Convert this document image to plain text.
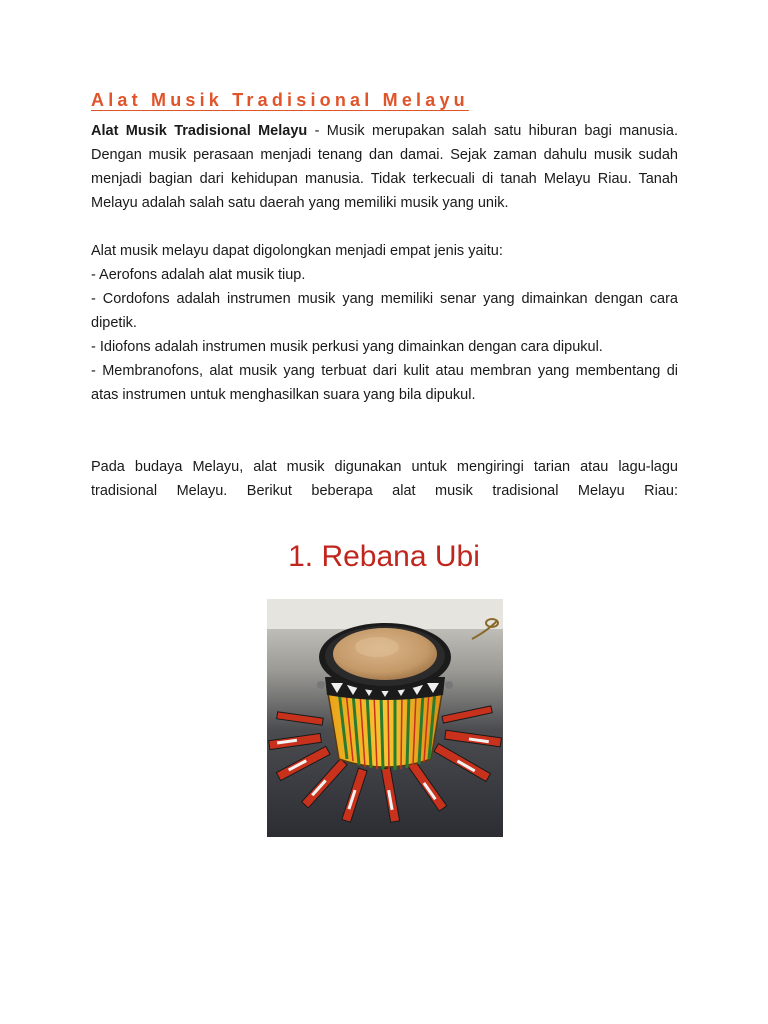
Alat Musik Tradisional Melayu

Alat Musik Tradisional Melayu - Musik merupakan salah satu hiburan bagi manusia. Dengan musik perasaan menjadi tenang dan damai. Sejak zaman dahulu musik sudah menjadi bagian dari kehidupan manusia. Tidak terkecuali di tanah Melayu Riau. Tanah Melayu adalah salah satu daerah yang memiliki musik yang unik.

Alat musik melayu dapat digolongkan menjadi empat jenis yaitu:
- Aerofons adalah alat musik tiup.
- Cordofons adalah instrumen musik yang memiliki senar yang dimainkan dengan cara dipetik.
- Idiofons adalah instrumen musik perkusi yang dimainkan dengan cara dipukul.
- Membranofons, alat musik yang terbuat dari kulit atau membran yang membentang di atas instrumen untuk menghasilkan suara yang bila dipukul.

Pada budaya Melayu, alat musik digunakan untuk mengiringi tarian atau lagu-lagu tradisional Melayu. Berikut beberapa alat musik tradisional Melayu Riau:

1. Rebana Ubi
